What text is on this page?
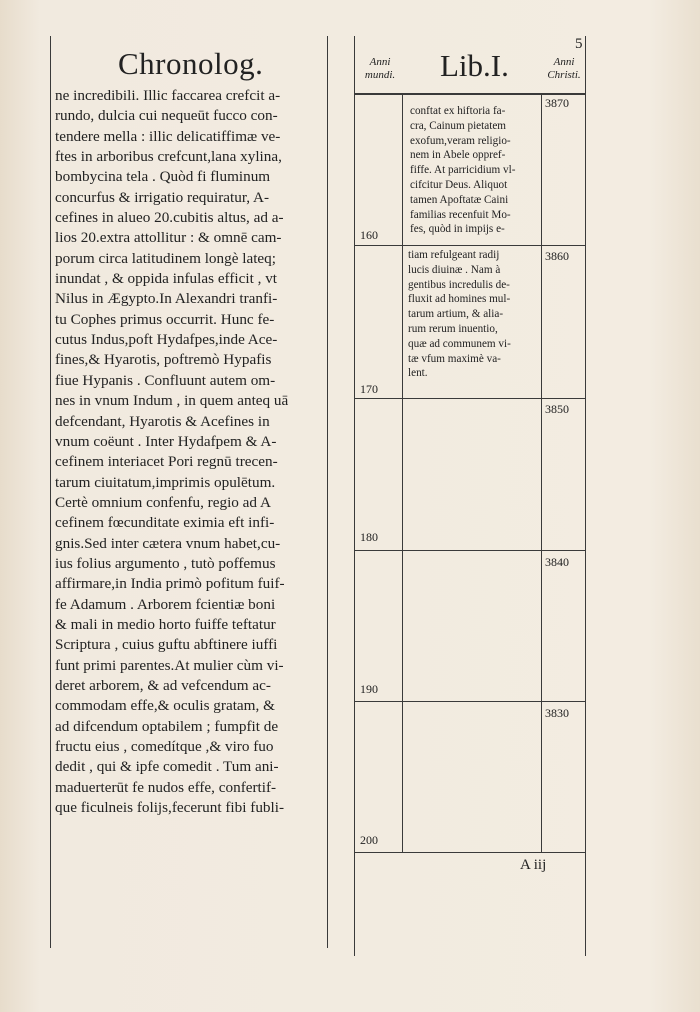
Chronolog.
ne incredibili. Illic faccarea crefcit a-
rundo, dulcia cui nequeūt fucco con-
tendere mella : illic delicatiffimæ ve-
ftes in arboribus crefcunt,lana xylina,
bombycina tela . Quòd fi fluminum
concurfus & irrigatio requiratur, A-
cefines in alueo 20.cubitis altus, ad a-
lios 20.extra attollitur : & omnē cam-
porum circa latitudinem longè lateq;
inundat , & oppida infulas efficit , vt
Nilus in Ægypto.In Alexandri tranfi-
tu Cophes primus occurrit. Hunc fe-
cutus Indus,poft Hydafpes,inde Ace-
fines,& Hyarotis, poftremò Hypafis
fiue Hypanis . Confluunt autem om-
nes in vnum Indum , in quem anteq uā
defcendant, Hyarotis & Acefines in
vnum coëunt . Inter Hydafpem & A-
cefinem interiacet Pori regnū trecen-
tarum ciuitatum,imprimis opulētum.
Certè omnium confenfu, regio ad A
cefinem fœcunditate eximia eft infi-
gnis.Sed inter cætera vnum habet,cu-
ius folius argumento , tutò poffemus
affirmare,in India primò pofitum fuif-
fe Adamum . Arborem fcientiæ boni
& mali in medio horto fuiffe teftatur
Scriptura , cuius guftu abftinere iuffi
funt primi parentes.At mulier cùm vi-
deret arborem, & ad vefcendum ac-
commodam effe,& oculis gratam, &
ad difcendum optabilem ; fumpfit de
fructu eius , comedítque ,& viro fuo
dedit , qui & ipfe comedit . Tum ani-
maduerterūt fe nudos effe, confertif-
que ficulneis folijs,fecerunt fibi fubli-
5
Anni
mundi. Lib.I.	Anni
Christi.
3870
160
conftat ex hiftoria fa-
cra, Cainum pietatem
exofum,veram religio-
nem in Abele oppref-
fiffe. At parricidium vl-
cifcitur Deus. Aliquot
tamen Apoftatæ Caini
familias recenfuit Mo-
fes, quòd in impijs e-
3860
170
tiam refulgeant radij
lucis diuinæ . Nam à
gentibus incredulis de-
fluxit ad homines mul-
tarum artium, & alia-
rum rerum inuentio,
quæ ad communem vi-
tæ vfum maximè va-
lent.
3850
180
3840
190
3830
200
A iij
